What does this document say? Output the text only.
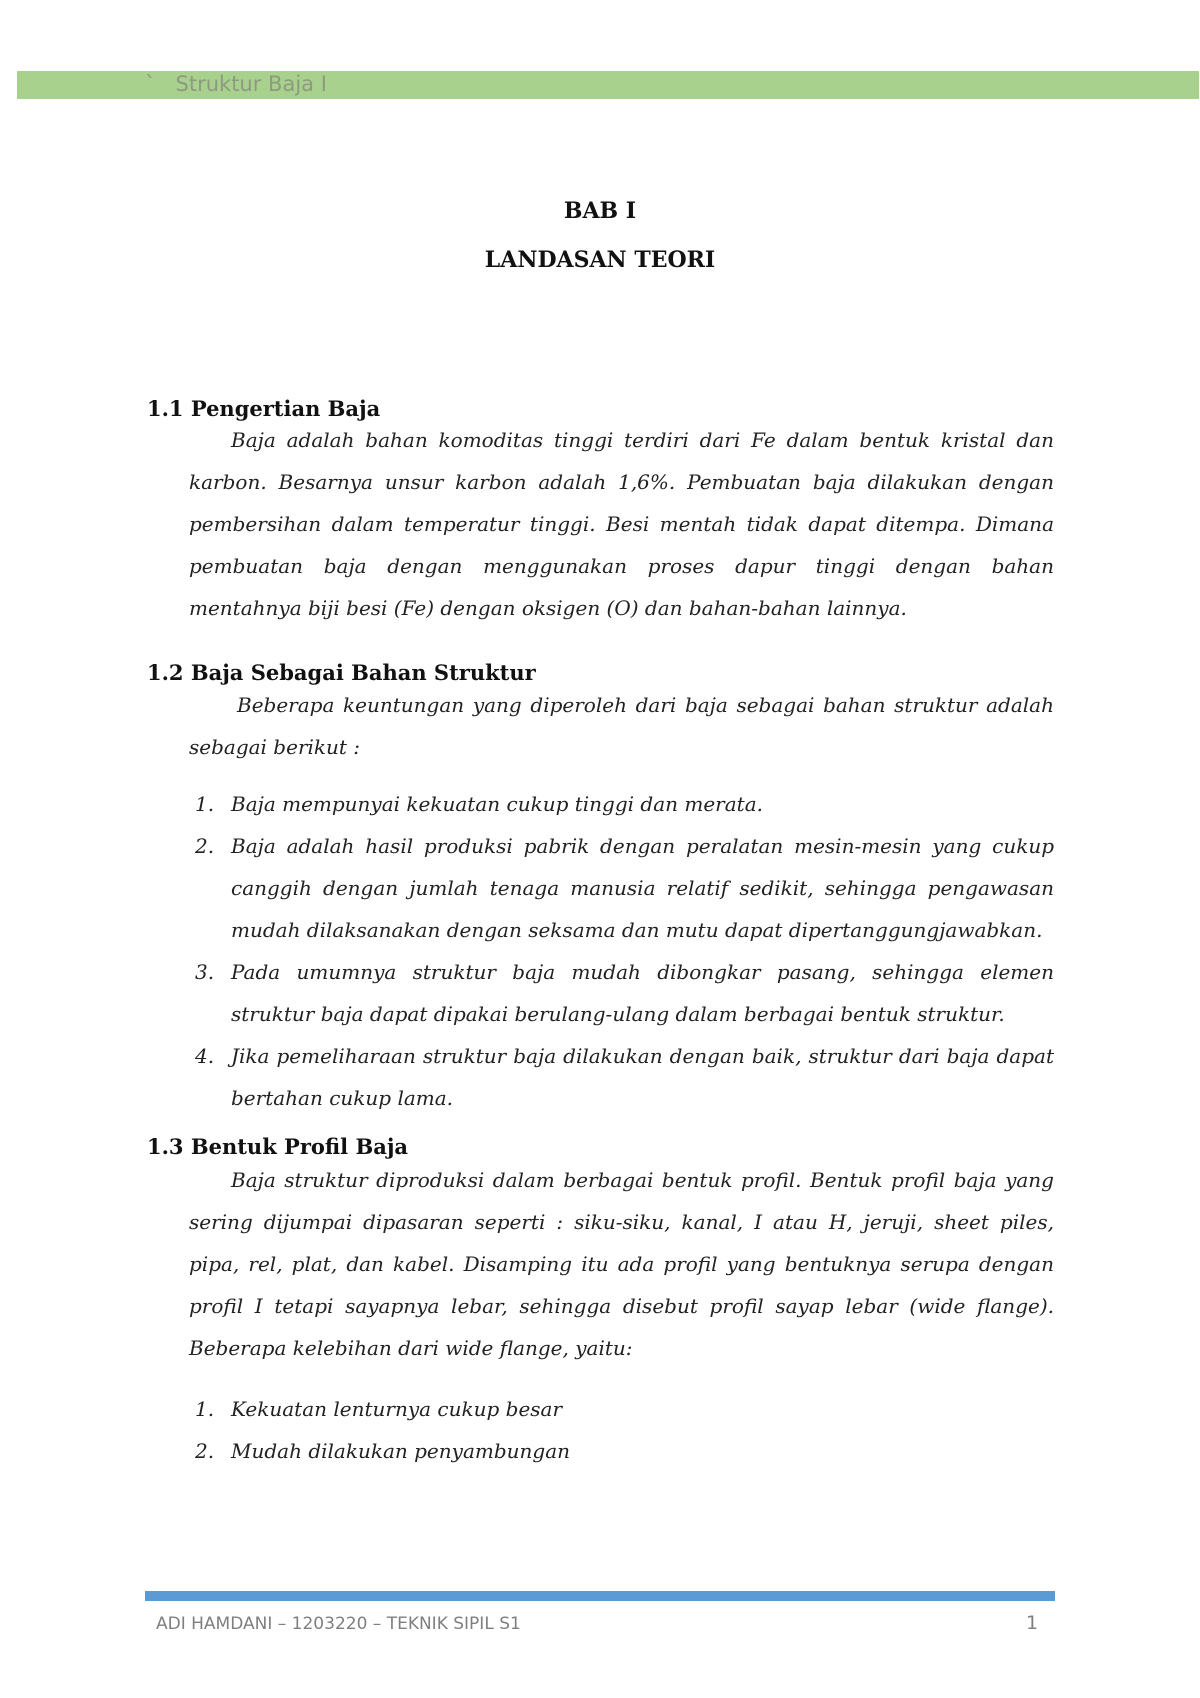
` Struktur Baja I
BAB I
LANDASAN TEORI
1.1 Pengertian Baja
Baja adalah bahan komoditas tinggi terdiri dari Fe dalam bentuk kristal dan karbon. Besarnya unsur karbon adalah 1,6%. Pembuatan baja dilakukan dengan pembersihan dalam temperatur tinggi. Besi mentah tidak dapat ditempa. Dimana pembuatan baja dengan menggunakan proses dapur tinggi dengan bahan mentahnya biji besi (Fe) dengan oksigen (O) dan bahan-bahan lainnya.
1.2 Baja Sebagai Bahan Struktur
Beberapa keuntungan yang diperoleh dari baja sebagai bahan struktur adalah sebagai berikut :
1. Baja mempunyai kekuatan cukup tinggi dan merata.
2. Baja adalah hasil produksi pabrik dengan peralatan mesin-mesin yang cukup canggih dengan jumlah tenaga manusia relatif sedikit, sehingga pengawasan mudah dilaksanakan dengan seksama dan mutu dapat dipertanggungjawabkan.
3. Pada umumnya struktur baja mudah dibongkar pasang, sehingga elemen struktur baja dapat dipakai berulang-ulang dalam berbagai bentuk struktur.
4. Jika pemeliharaan struktur baja dilakukan dengan baik, struktur dari baja dapat bertahan cukup lama.
1.3 Bentuk Profil Baja
Baja struktur diproduksi dalam berbagai bentuk profil. Bentuk profil baja yang sering dijumpai dipasaran seperti : siku-siku, kanal, I atau H, jeruji, sheet piles, pipa, rel, plat, dan kabel. Disamping itu ada profil yang bentuknya serupa dengan profil I tetapi sayapnya lebar, sehingga disebut profil sayap lebar (wide flange). Beberapa kelebihan dari wide flange, yaitu:
1. Kekuatan lenturnya cukup besar
2. Mudah dilakukan penyambungan
ADI HAMDANI – 1203220 – TEKNIK SIPIL S1	1
